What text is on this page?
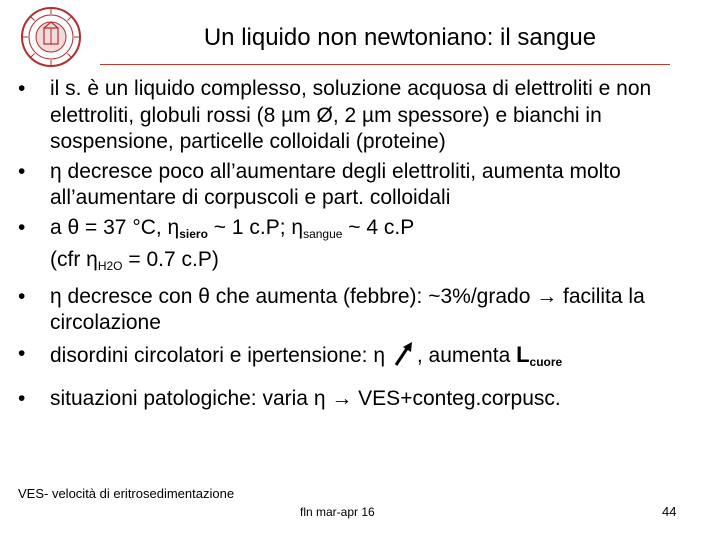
Un liquido non newtoniano: il sangue
• il s. è un liquido complesso, soluzione acquosa di elettroliti e non elettroliti, globuli rossi (8 µm Ø, 2 µm spessore) e bianchi in sospensione, particelle colloidali (proteine)
• η decresce poco all’aumentare degli elettroliti, aumenta molto all’aumentare di corpuscoli e part. colloidali
• a θ = 37 °C, ηsiero ~ 1 c.P; $\eta_{sangue}$ ~ 4 c.P
(cfr $\eta_{H2O} = 0.7$ c.P)
• η decresce con θ che aumenta (febbre): ~3%/grado → facilita la circolazione
• disordini circolatori e ipertensione: η , aumenta Lcuore
• situazioni patologiche: varia η → VES+conteg.corpusc.
VES- velocità di eritrosedimentazione
fln mar-apr 16	44
